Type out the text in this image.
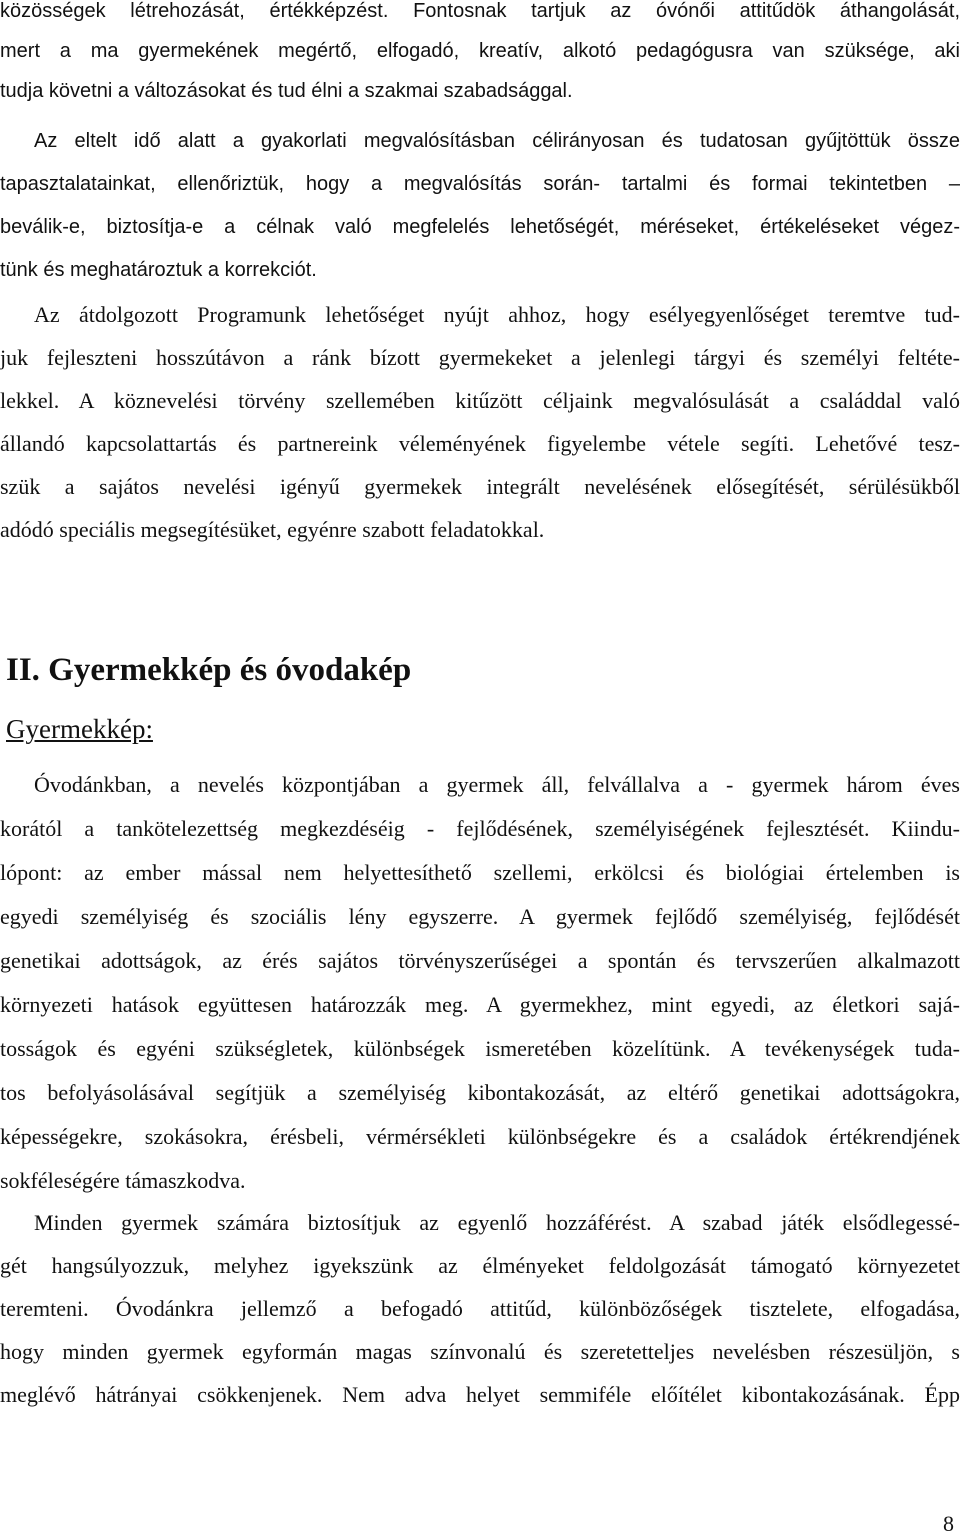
közösségek létrehozását, értékképzést. Fontosnak tartjuk az óvónői attitűdök áthangolását,
mert a ma gyermekének megértő, elfogadó, kreatív, alkotó pedagógusra van szüksége, aki
tudja követni a változásokat és tud élni a szakmai szabadsággal.
Az eltelt idő alatt a gyakorlati megvalósításban célirányosan és tudatosan gyűjtöttük össze
tapasztalatainkat, ellenőriztük, hogy a megvalósítás során- tartalmi és formai tekintetben –
beválik-e, biztosítja-e a célnak való megfelelés lehetőségét, méréseket, értékeléseket végez-
tünk és meghatároztuk a korrekciót.
Az átdolgozott Programunk lehetőséget nyújt ahhoz, hogy esélyegyenlőséget teremtve tud-
juk fejleszteni hosszútávon a ránk bízott gyermekeket a jelenlegi tárgyi és személyi feltéte-
lekkel. A köznevelési törvény szellemében kitűzött céljaink megvalósulását a családdal való
állandó kapcsolattartás és partnereink véleményének figyelembe vétele segíti. Lehetővé tesz-
szük a sajátos nevelési igényű gyermekek integrált nevelésének elősegítését, sérülésükből
adódó speciális megsegítésüket, egyénre szabott feladatokkal.
II. Gyermekkép és óvodakép
Gyermekkép:
Óvodánkban, a nevelés központjában a gyermek áll, felvállalva a - gyermek három éves
korától a tankötelezettség megkezdéséig - fejlődésének, személyiségének fejlesztését. Kiindu-
lópont: az ember mással nem helyettesíthető szellemi, erkölcsi és biológiai értelemben is
egyedi személyiség és szociális lény egyszerre. A gyermek fejlődő személyiség, fejlődését
genetikai adottságok, az érés sajátos törvényszerűségei a spontán és tervszerűen alkalmazott
környezeti hatások együttesen határozzák meg. A gyermekhez, mint egyedi, az életkori sajá-
tosságok és egyéni szükségletek, különbségek ismeretében közelítünk. A tevékenységek tuda-
tos befolyásolásával segítjük a személyiség kibontakozását, az eltérő genetikai adottságokra,
képességekre, szokásokra, érésbeli, vérmérsékleti különbségekre és a családok értékrendjének
sokféleségére támaszkodva.
Minden gyermek számára biztosítjuk az egyenlő hozzáférést. A szabad játék elsődlegessé-
gét hangsúlyozzuk, melyhez igyekszünk az élményeket feldolgozását támogató környezetet
teremteni. Óvodánkra jellemző a befogadó attitűd, különbözőségek tisztelete, elfogadása,
hogy minden gyermek egyformán magas színvonalú és szeretetteljes nevelésben részesüljön, s
meglévő hátrányai csökkenjenek. Nem adva helyet semmiféle előítélet kibontakozásának. Épp
8
